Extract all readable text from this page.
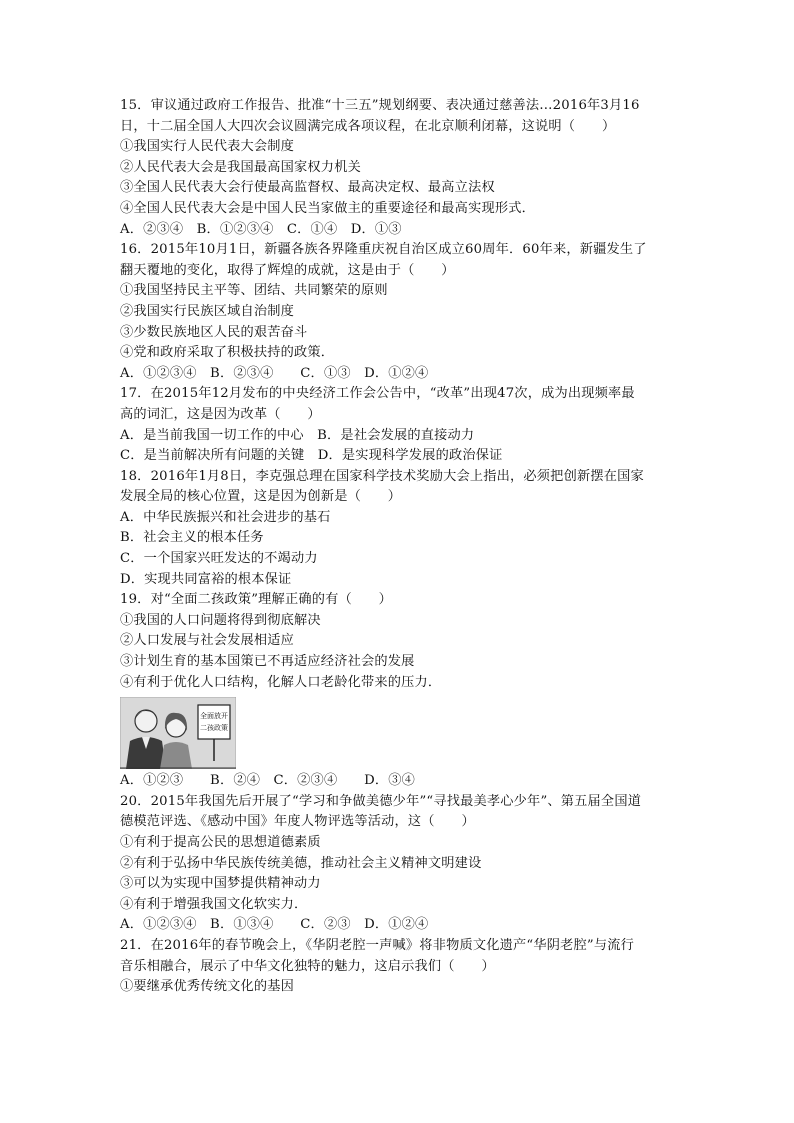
15．审议通过政府工作报告、批准“十三五”规划纲要、表决通过慈善法…2016年3月16
日，十二届全国人大四次会议圆满完成各项议程，在北京顺利闭幕，这说明（　　）
①我国实行人民代表大会制度
②人民代表大会是我国最高国家权力机关
③全国人民代表大会行使最高监督权、最高决定权、最高立法权
④全国人民代表大会是中国人民当家做主的重要途径和最高实现形式．
A．②③④　B．①②③④　C．①④　D．①③
16．2015年10月1日，新疆各族各界隆重庆祝自治区成立60周年．60年来，新疆发生了
翻天覆地的变化，取得了辉煌的成就，这是由于（　　）
①我国坚持民主平等、团结、共同繁荣的原则
②我国实行民族区域自治制度
③少数民族地区人民的艰苦奋斗
④党和政府采取了积极扶持的政策．
A．①②③④　B．②③④　　C．①③　D．①②④
17．在2015年12月发布的中央经济工作会公告中，“改革”出现47次，成为出现频率最
高的词汇，这是因为改革（　　）
A．是当前我国一切工作的中心　B．是社会发展的直接动力
C．是当前解决所有问题的关键　D．是实现科学发展的政治保证
18．2016年1月8日，李克强总理在国家科学技术奖励大会上指出，必须把创新摆在国家
发展全局的核心位置，这是因为创新是（　　）
A．中华民族振兴和社会进步的基石
B．社会主义的根本任务
C．一个国家兴旺发达的不竭动力
D．实现共同富裕的根本保证
19．对“全面二孩政策”理解正确的有（　　）
①我国的人口问题将得到彻底解决
②人口发展与社会发展相适应
③计划生育的基本国策已不再适应经济社会的发展
④有利于优化人口结构，化解人口老龄化带来的压力．
全面放开
二孩政策
A．①②③　　B．②④　C．②③④　　D．③④
20．2015年我国先后开展了“学习和争做美德少年”“寻找最美孝心少年”、第五届全国道
德模范评选、《感动中国》年度人物评选等活动，这（　　）
①有利于提高公民的思想道德素质
②有利于弘扬中华民族传统美德，推动社会主义精神文明建设
③可以为实现中国梦提供精神动力
④有利于增强我国文化软实力．
A．①②③④　B．①③④　　C．②③　D．①②④
21．在2016年的春节晚会上，《华阴老腔一声喊》将非物质文化遗产“华阴老腔”与流行
音乐相融合，展示了中华文化独特的魅力，这启示我们（　　）
①要继承优秀传统文化的基因
